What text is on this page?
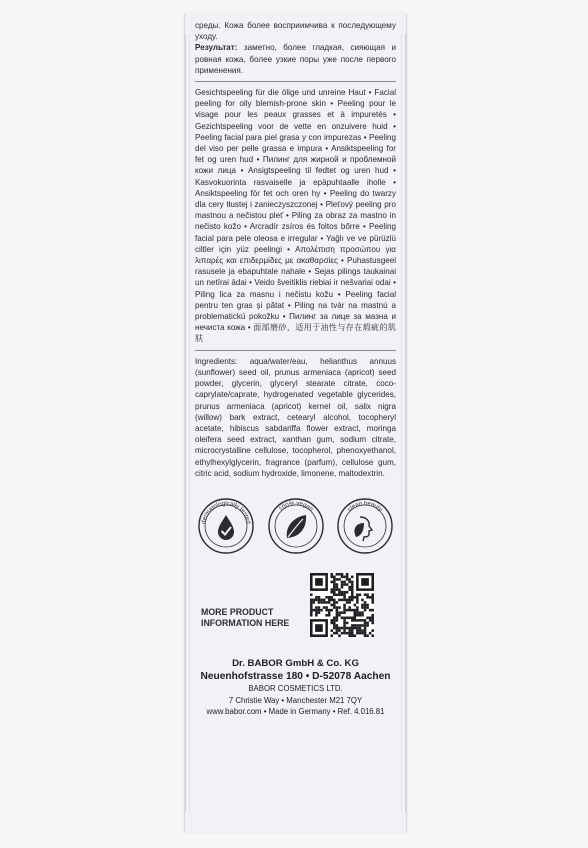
среды. Кожа более восприимчива к последующему уходу.

Результат: заметно, более гладкая, сияющая и ровная кожа, более узкие поры уже после первого применения.

Gesichtspeeling für die ölige und unreine Haut • Facial peeling for oily blemish-prone skin • Peeling pour le visage pour les peaux grasses et à impuretés • Gezichtspeeling voor de vette en onzuivere huid • Peeling facial para piel grasa y con impurezas • Peeling del viso per pelle grassa e impura • Ansiktspeeling for fet og uren hud • Пилинг для жирной и проблемной кожи лица • Ansigtspeeling til fedtet og uren hud • Kasvokuorinta rasvaiselle ja epäpuhtaalle iholle • Ansiktspeeling för fet och oren hy • Peeling do twarzy dla cery tłustej i zanieczyszczonej • Pleťový peeling pro mastnou a nečistou pleť • Piling za obraz za mastno in nečisto kožo • Arcradír zsíros és foltos bőrre • Peeling facial para pele oleosa e irregular • Yağlı ve ve pürüzlü ciltler için yüz peelingi • Απολέπιση προσώπου για λιπαρές και επιδερμίδες με ακαθαρσίες • Puhastusgeel rasusele ja ebapuhtale nahale • Sejas pilings taukainai un netīrai ādai • Veido šveitiklis riebiai ir nešvariai odai • Piling lica za masnu i nečistu kožu • Peeling facial pentru ten gras și pătat • Piling na tvár na mastnú a problematickú pokožku • Пилинг за лице за мазна и нечиста кожа • 面部磨砂，适用于油性与存在瑕疵的肌肤
Ingredients: aqua/water/eau, helianthus annuus (sunflower) seed oil, prunus armeniaca (apricot) seed powder, glycerin, glyceryl stearate citrate, coco-caprylate/caprate, hydrogenated vegetable glycerides, prunus armeniaca (apricot) kernel oil, salix nigra (willow) bark extract, cetearyl alcohol, tocopheryl acetate, hibiscus sabdariffa flower extract, moringa oleifera seed extract, xanthan gum, sodium citrate, microcrystalline cellulose, tocopherol, phenoxyethanol, ethylhexylglycerin, fragrance (parfum), cellulose gum, citric acid, sodium hydroxide, limonene, maltodextrin.
dermatologically tested
100% vegan	clean beauty
MORE PRODUCT
INFORMATION HERE
Dr. BABOR GmbH & Co. KG
Neuenhofstrasse 180 • D-52078 Aachen
BABOR COSMETICS LTD.
7 Christie Way • Manchester M21 7QY
www.babor.com • Made in Germany • Ref. 4.016.81
